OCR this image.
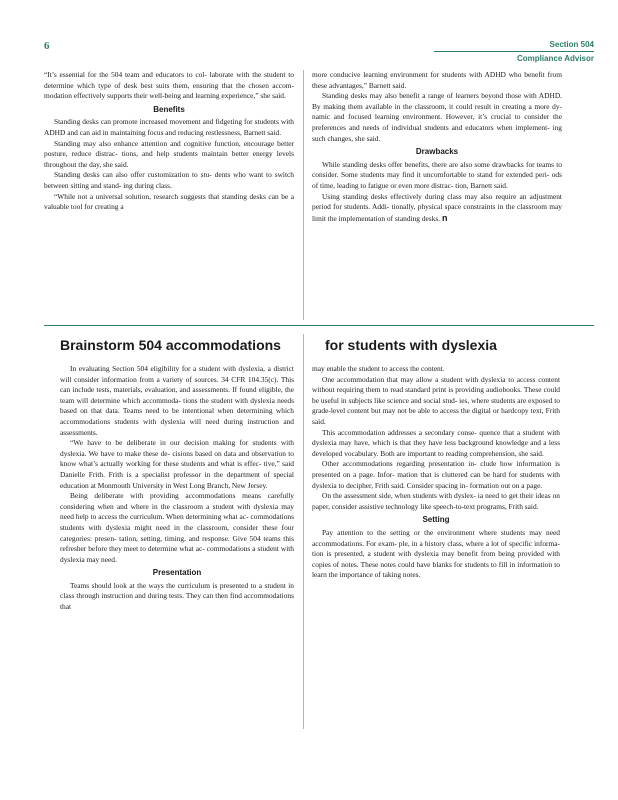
6	Section 504
Compliance Advisor

“It’s essential for the 504 team and educators to col- laborate with the student to determine which type of desk best suits them, ensuring that the chosen accom- modation effectively supports their well-being and learning experience,” she said.

Benefits

Standing desks can promote increased movement and fidgeting for students with ADHD and can aid in maintaining focus and reducing restlessness, Barnett said.

Standing may also enhance attention and cognitive function, encourage better posture, reduce distrac- tions, and help students maintain better energy levels throughout the day, she said.

Standing desks can also offer customization to stu- dents who want to switch between sitting and stand- ing during class.

“While not a universal solution, research suggests that standing desks can be a valuable tool for creating a

more conducive learning environment for students with ADHD who benefit from these advantages,” Barnett said.

Standing desks may also benefit a range of learners beyond those with ADHD. By making them available in the classroom, it could result in creating a more dy- namic and focused learning environment. However, it’s crucial to consider the preferences and needs of individual students and educators when implement- ing such changes, she said.

Drawbacks

While standing desks offer benefits, there are also some drawbacks for teams to consider. Some students may find it uncomfortable to stand for extended peri- ods of time, leading to fatigue or even more distrac- tion, Barnett said.

Using standing desks effectively during class may also require an adjustment period for students. Addi- tionally, physical space constraints in the classroom may limit the implementation of standing desks. n

Brainstorm 504 accommodations	for students with dyslexia

In evaluating Section 504 eligibility for a student with dyslexia, a district will consider information from a variety of sources. 34 CFR 104.35(c). This can include tests, materials, evaluation, and assessments. If found eligible, the team will determine which accommoda- tions the student with dyslexia needs based on that data. Teams need to be intentional when determining which accommodations students with dyslexia will need during instruction and assessments.

“We have to be deliberate in our decision making for students with dyslexia. We have to make these de- cisions based on data and observation to know what’s actually working for these students and what is effec- tive,” said Danielle Frith. Frith is a specialist professor in the department of special education at Monmouth University in West Long Branch, New Jersey.

Being deliberate with providing accommodations means carefully considering when and where in the classroom a student with dyslexia may need help to access the curriculum. When determining what ac- commodations students with dyslexia might need in the classroom, consider these four categories: presen- tation, setting, timing, and response. Give 504 teams this refresher before they meet to determine what ac- commodations a student with dyslexia may need.

Presentation

Teams should look at the ways the curriculum is presented to a student in class through instruction and during tests. They can then find accommodations that

may enable the student to access the content.

One accommodation that may allow a student with dyslexia to access content without requiring them to read standard print is providing audiobooks. These could be useful in subjects like science and social stud- ies, where students are exposed to grade-level content but may not be able to access the digital or hardcopy text, Frith said.

This accommodation addresses a secondary conse- quence that a student with dyslexia may have, which is that they have less background knowledge and a less developed vocabulary. Both are important to reading comprehension, she said.

Other accommodations regarding presentation in- clude how information is presented on a page. Infor- mation that is cluttered can be hard for students with dyslexia to decipher, Frith said. Consider spacing in- formation out on a page.

On the assessment side, when students with dyslex- ia need to get their ideas on paper, consider assistive technology like speech-to-text programs, Frith said.

Setting

Pay attention to the setting or the environment where students may need accommodations. For exam- ple, in a history class, where a lot of specific informa- tion is presented, a student with dyslexia may benefit from being provided with copies of notes. These notes could have blanks for students to fill in information to learn the importance of taking notes.
